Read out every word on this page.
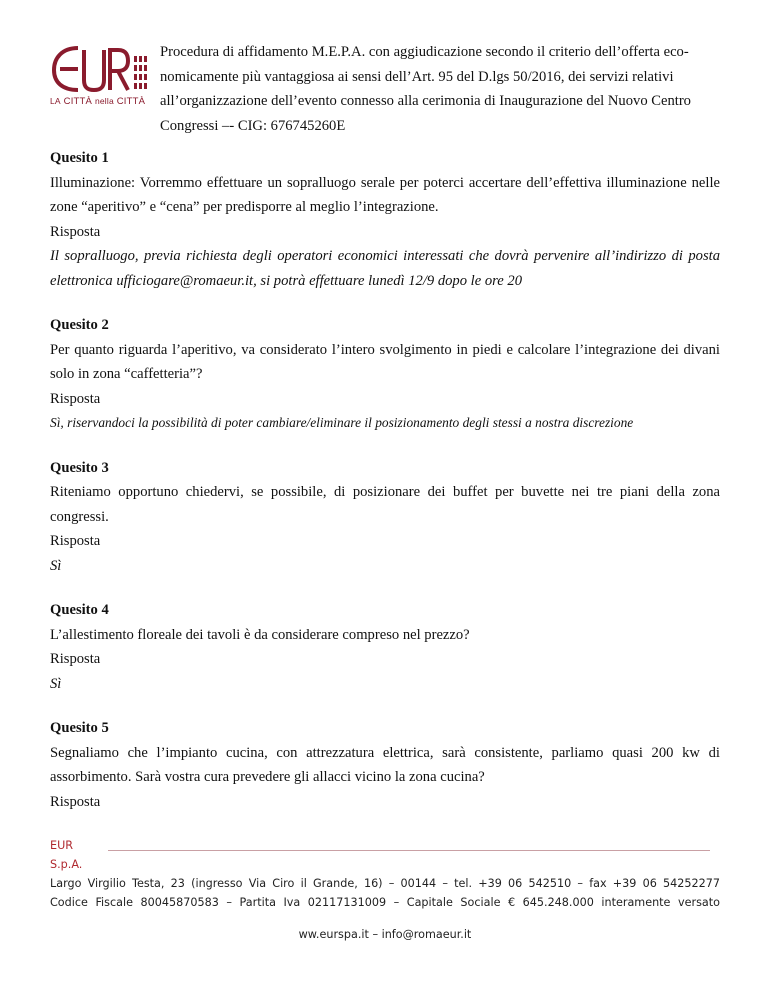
LA CITTÀ nella CITTÀ
Procedura di affidamento M.E.P.A. con aggiudicazione secondo il criterio dell’offerta eco-
nomicamente più vantaggiosa ai sensi dell’Art. 95 del D.lgs 50/2016, dei servizi relativi
all’organizzazione dell’evento connesso alla cerimonia di Inaugurazione del Nuovo Centro
Congressi –- CIG: 676745260E
Quesito 1
Illuminazione: Vorremmo effettuare un sopralluogo serale per poterci accertare dell’effettiva illuminazione nelle zone “aperitivo” e “cena” per predisporre al meglio l’integrazione.
Risposta
Il sopralluogo, previa richiesta degli operatori economici interessati che dovrà pervenire all’indirizzo di posta elettronica ufficiogare@romaeur.it, si potrà effettuare lunedì 12/9 dopo le ore 20
Quesito 2
Per quanto riguarda l’aperitivo, va considerato l’intero svolgimento in piedi e calcolare l’integrazione dei divani solo in zona “caffetteria”?
Risposta
Sì, riservandoci la possibilità di poter cambiare/eliminare il posizionamento degli stessi a nostra discrezione
Quesito 3
Riteniamo opportuno chiedervi, se possibile, di posizionare dei buffet per buvette nei tre piani della zona congressi.
Risposta
Sì
Quesito 4
L’allestimento floreale dei tavoli è da considerare compreso nel prezzo?
Risposta
Sì
Quesito 5
Segnaliamo che l’impianto cucina, con attrezzatura elettrica, sarà consistente, parliamo quasi 200 kw di assorbimento. Sarà vostra cura prevedere gli allacci vicino la zona cucina?
Risposta
EUR
S.p.A.
Largo Virgilio Testa, 23 (ingresso Via Ciro il Grande, 16) – 00144 – tel. +39 06 542510 – fax +39 06 54252277
Codice Fiscale 80045870583 – Partita Iva 02117131009 – Capitale Sociale € 645.248.000 interamente versato
ww.eurspa.it – info@romaeur.it
